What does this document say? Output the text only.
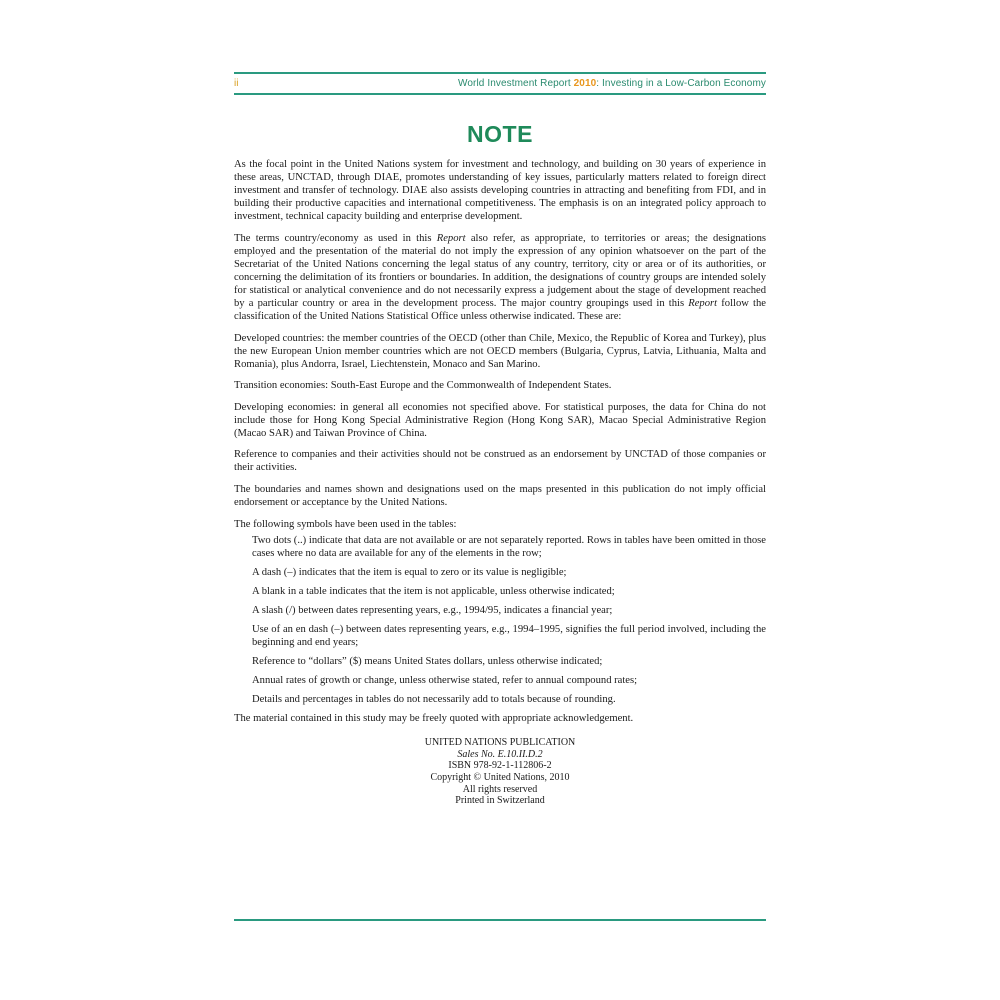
ii	World Investment Report 2010: Investing in a Low-Carbon Economy
NOTE

As the focal point in the United Nations system for investment and technology, and building on 30 years of experience in these areas, UNCTAD, through DIAE, promotes understanding of key issues, particularly matters related to foreign direct investment and transfer of technology. DIAE also assists developing countries in attracting and benefiting from FDI, and in building their productive capacities and international competitiveness. The emphasis is on an integrated policy approach to investment, technical capacity building and enterprise development.

The terms country/economy as used in this Report also refer, as appropriate, to territories or areas; the designations employed and the presentation of the material do not imply the expression of any opinion whatsoever on the part of the Secretariat of the United Nations concerning the legal status of any country, territory, city or area or of its authorities, or concerning the delimitation of its frontiers or boundaries. In addition, the designations of country groups are intended solely for statistical or analytical convenience and do not necessarily express a judgement about the stage of development reached by a particular country or area in the development process. The major country groupings used in this Report follow the classification of the United Nations Statistical Office unless otherwise indicated. These are:

Developed countries: the member countries of the OECD (other than Chile, Mexico, the Republic of Korea and Turkey), plus the new European Union member countries which are not OECD members (Bulgaria, Cyprus, Latvia, Lithuania, Malta and Romania), plus Andorra, Israel, Liechtenstein, Monaco and San Marino.

Transition economies: South-East Europe and the Commonwealth of Independent States.

Developing economies: in general all economies not specified above. For statistical purposes, the data for China do not include those for Hong Kong Special Administrative Region (Hong Kong SAR), Macao Special Administrative Region (Macao SAR) and Taiwan Province of China.

Reference to companies and their activities should not be construed as an endorsement by UNCTAD of those companies or their activities.

The boundaries and names shown and designations used on the maps presented in this publication do not imply official endorsement or acceptance by the United Nations.

The following symbols have been used in the tables:

Two dots (..) indicate that data are not available or are not separately reported. Rows in tables have been omitted in those cases where no data are available for any of the elements in the row;

A dash (–) indicates that the item is equal to zero or its value is negligible;

A blank in a table indicates that the item is not applicable, unless otherwise indicated;

A slash (/) between dates representing years, e.g., 1994/95, indicates a financial year;

Use of an en dash (–) between dates representing years, e.g., 1994–1995, signifies the full period involved, including the beginning and end years;

Reference to “dollars” ($) means United States dollars, unless otherwise indicated;

Annual rates of growth or change, unless otherwise stated, refer to annual compound rates;

Details and percentages in tables do not necessarily add to totals because of rounding.

The material contained in this study may be freely quoted with appropriate acknowledgement.

UNITED NATIONS PUBLICATION
Sales No. E.10.II.D.2
ISBN 978-92-1-112806-2
Copyright © United Nations, 2010
All rights reserved
Printed in Switzerland
